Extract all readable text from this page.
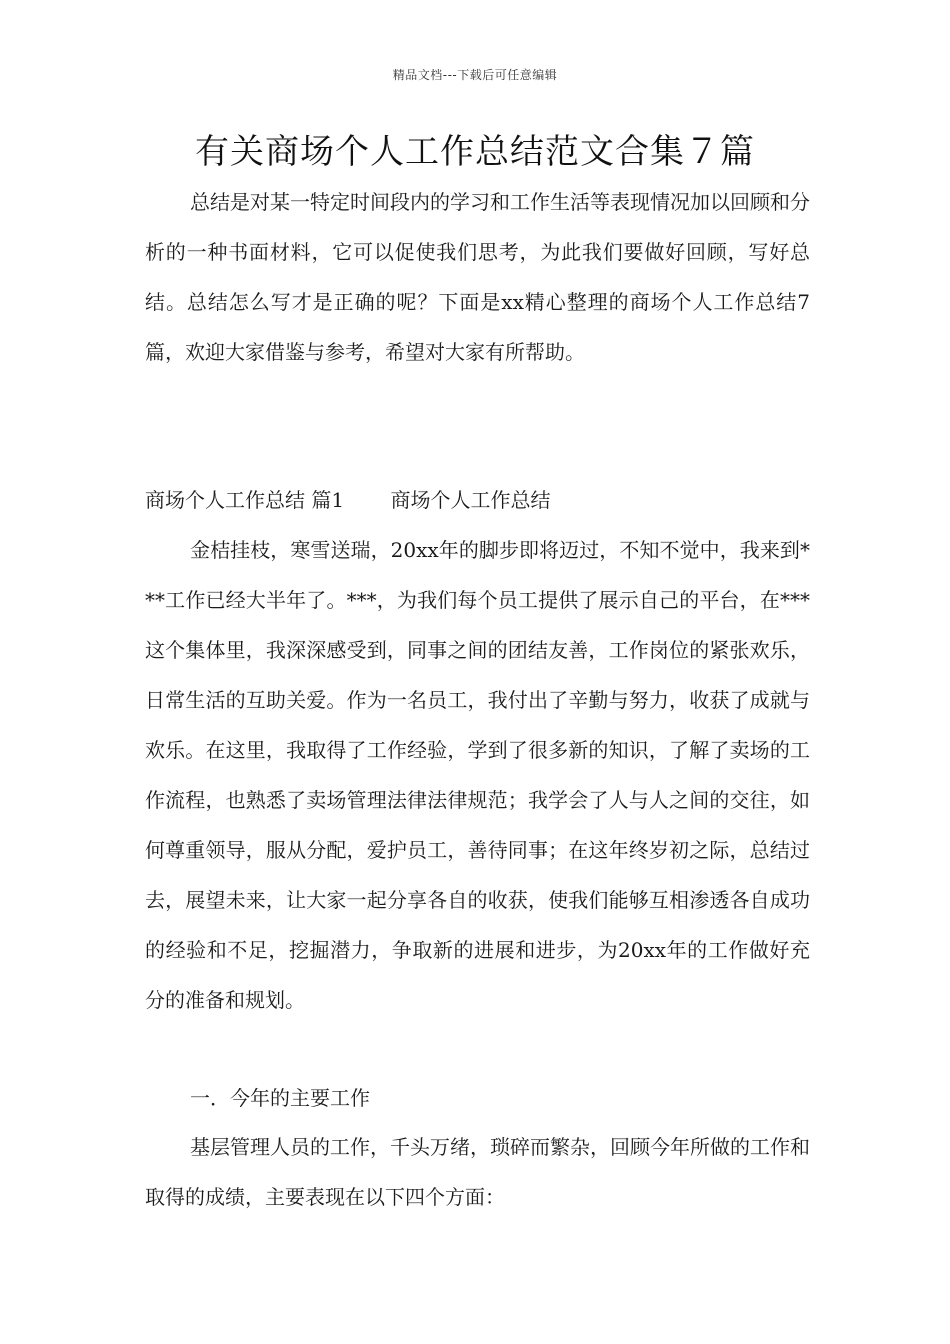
精品文档---下载后可任意编辑
有关商场个人工作总结范文合集７篇

总结是对某一特定时间段内的学习和工作生活等表现情况加以回顾和分析的一种书面材料，它可以促使我们思考，为此我们要做好回顾，写好总结。总结怎么写才是正确的呢？下面是xx精心整理的商场个人工作总结7篇，欢迎大家借鉴与参考，希望对大家有所帮助。

商场个人工作总结 篇1　　 商场个人工作总结

金桔挂枝，寒雪送瑞，20xx年的脚步即将迈过，不知不觉中，我来到***工作已经大半年了。***，为我们每个员工提供了展示自己的平台，在***这个集体里，我深深感受到，同事之间的团结友善，工作岗位的紧张欢乐，日常生活的互助关爱。作为一名员工，我付出了辛勤与努力，收获了成就与欢乐。在这里，我取得了工作经验，学到了很多新的知识，了解了卖场的工作流程，也熟悉了卖场管理法律法律规范；我学会了人与人之间的交往，如何尊重领导，服从分配，爱护员工，善待同事；在这年终岁初之际，总结过去，展望未来，让大家一起分享各自的收获，使我们能够互相渗透各自成功的经验和不足，挖掘潜力，争取新的进展和进步，为20xx年的工作做好充分的准备和规划。

一．今年的主要工作

基层管理人员的工作，千头万绪，琐碎而繁杂，回顾今年所做的工作和取得的成绩，主要表现在以下四个方面：
